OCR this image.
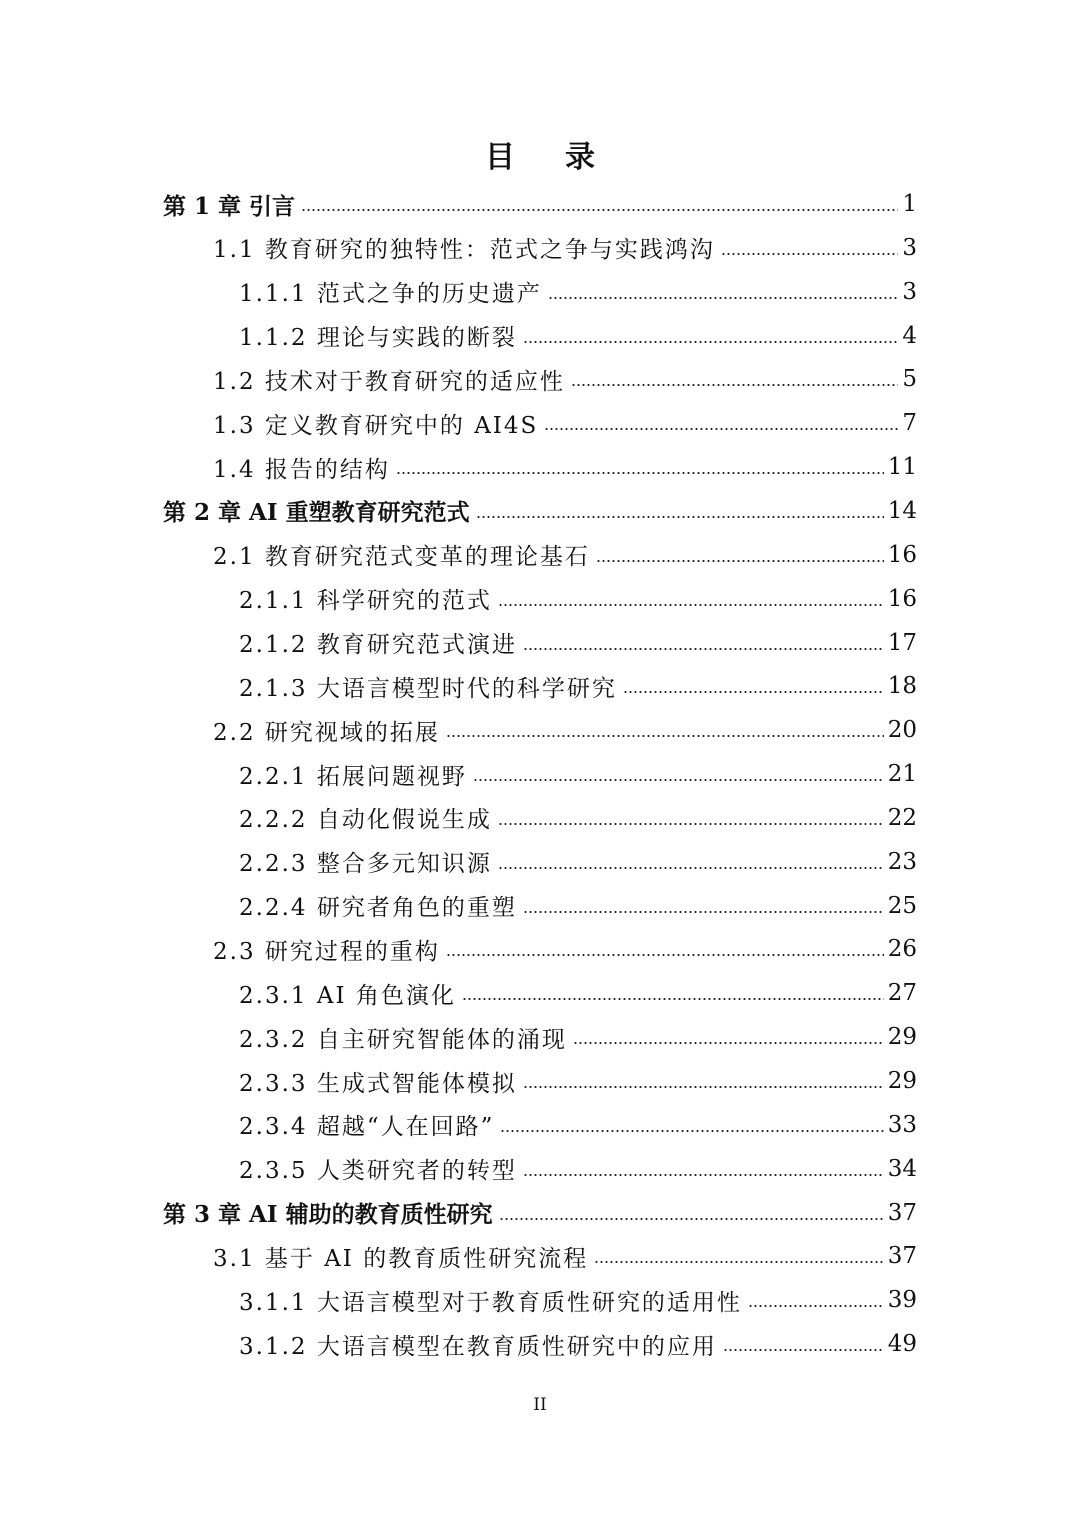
目录
第 1 章 引言	1
1.1 教育研究的独特性：范式之争与实践鸿沟	3
1.1.1 范式之争的历史遗产	3
1.1.2 理论与实践的断裂	4
1.2 技术对于教育研究的适应性	5
1.3 定义教育研究中的 AI4S	7
1.4 报告的结构	11
第 2 章 AI 重塑教育研究范式	14
2.1 教育研究范式变革的理论基石	16
2.1.1 科学研究的范式	16
2.1.2 教育研究范式演进	17
2.1.3 大语言模型时代的科学研究	18
2.2 研究视域的拓展	20
2.2.1 拓展问题视野	21
2.2.2 自动化假说生成	22
2.2.3 整合多元知识源	23
2.2.4 研究者角色的重塑	25
2.3 研究过程的重构	26
2.3.1 AI 角色演化	27
2.3.2 自主研究智能体的涌现	29
2.3.3 生成式智能体模拟	29
2.3.4 超越“人在回路”	33
2.3.5 人类研究者的转型	34
第 3 章 AI 辅助的教育质性研究	37
3.1 基于 AI 的教育质性研究流程	37
3.1.1 大语言模型对于教育质性研究的适用性	39
3.1.2 大语言模型在教育质性研究中的应用	49
II
